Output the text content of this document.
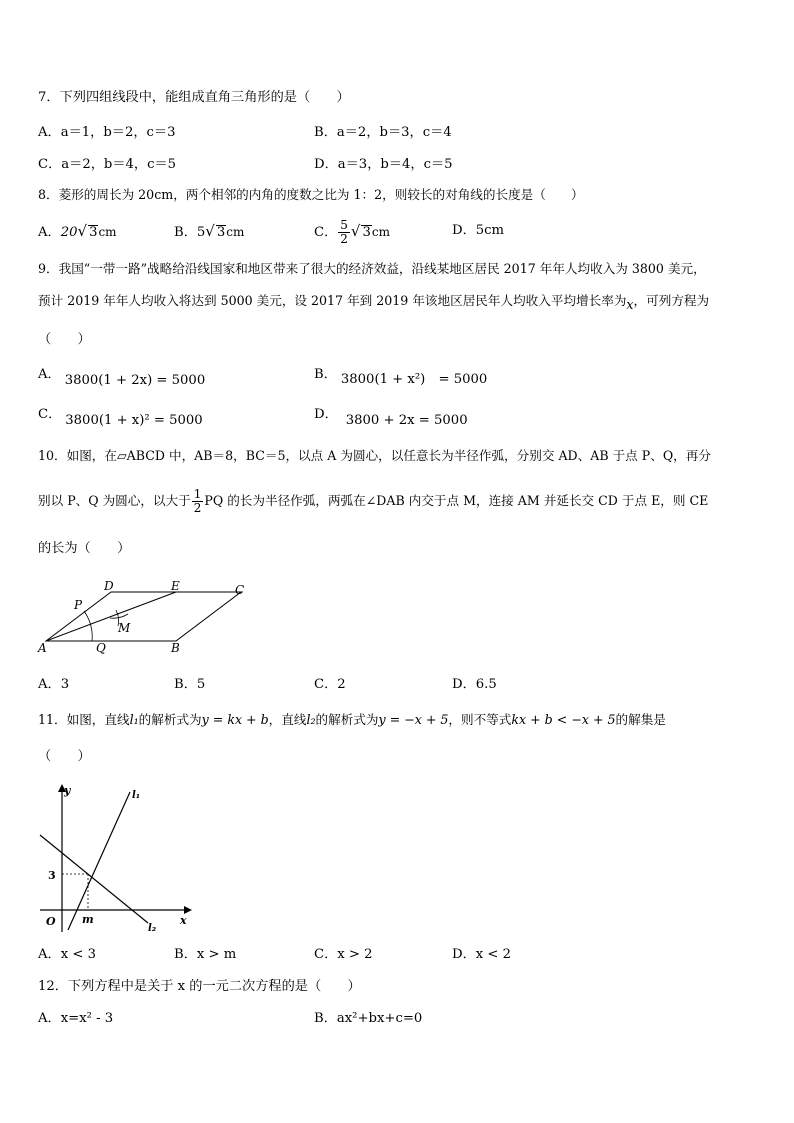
7．下列四组线段中，能组成直角三角形的是（　　）
A．a＝1，b＝2，c＝3	B．a＝2，b＝3，c＝4
C．a＝2，b＝4，c＝5	D．a＝3，b＝4，c＝5
8．菱形的周长为 20cm，两个相邻的内角的度数之比为 1：2，则较长的对角线的长度是（　　）
A．20√ 3cm	B．5√ 3cm	C． $\frac{5}{2}$ √ 3cm	D．5cm
9．我国“一带一路”战略给沿线国家和地区带来了很大的经济效益，沿线某地区居民 2017 年年人均收入为 3800 美元，
预计 2019 年年人均收入将达到 5000 美元，设 2017 年到 2019 年该地区居民年人均收入平均增长率为x，可列方程为
（　　）
A． 3800(1 + 2x) = 5000	B． 3800(1 + x²)　= 5000
C． 3800(1 + x)² = 5000	D． 3800 + 2x = 5000
10．如图，在▱ABCD 中，AB＝8，BC＝5，以点 A 为圆心，以任意长为半径作弧，分别交 AD、AB 于点 P、Q，再分
别以 P、Q 为圆心，以大于 $\frac{1}{2}$ PQ 的长为半径作弧，两弧在∠DAB 内交于点 M，连接 AM 并延长交 CD 于点 E，则 CE
的长为（　　）
A	B
C
D	E
P
Q
M
A．3	B．5	C．2	D．6.5
11．如图，直线l₁的解析式为y = kx + b，直线l₂的解析式为y = −x + 5，则不等式kx + b < −x + 5的解集是
（　　）
y
x
O m
3
l₁
l₂
A．x < 3	B．x > m	C．x > 2	D．x < 2
12．下列方程中是关于 x 的一元二次方程的是（　　）
A．x=x² - 3	B．ax²+bx+c=0
